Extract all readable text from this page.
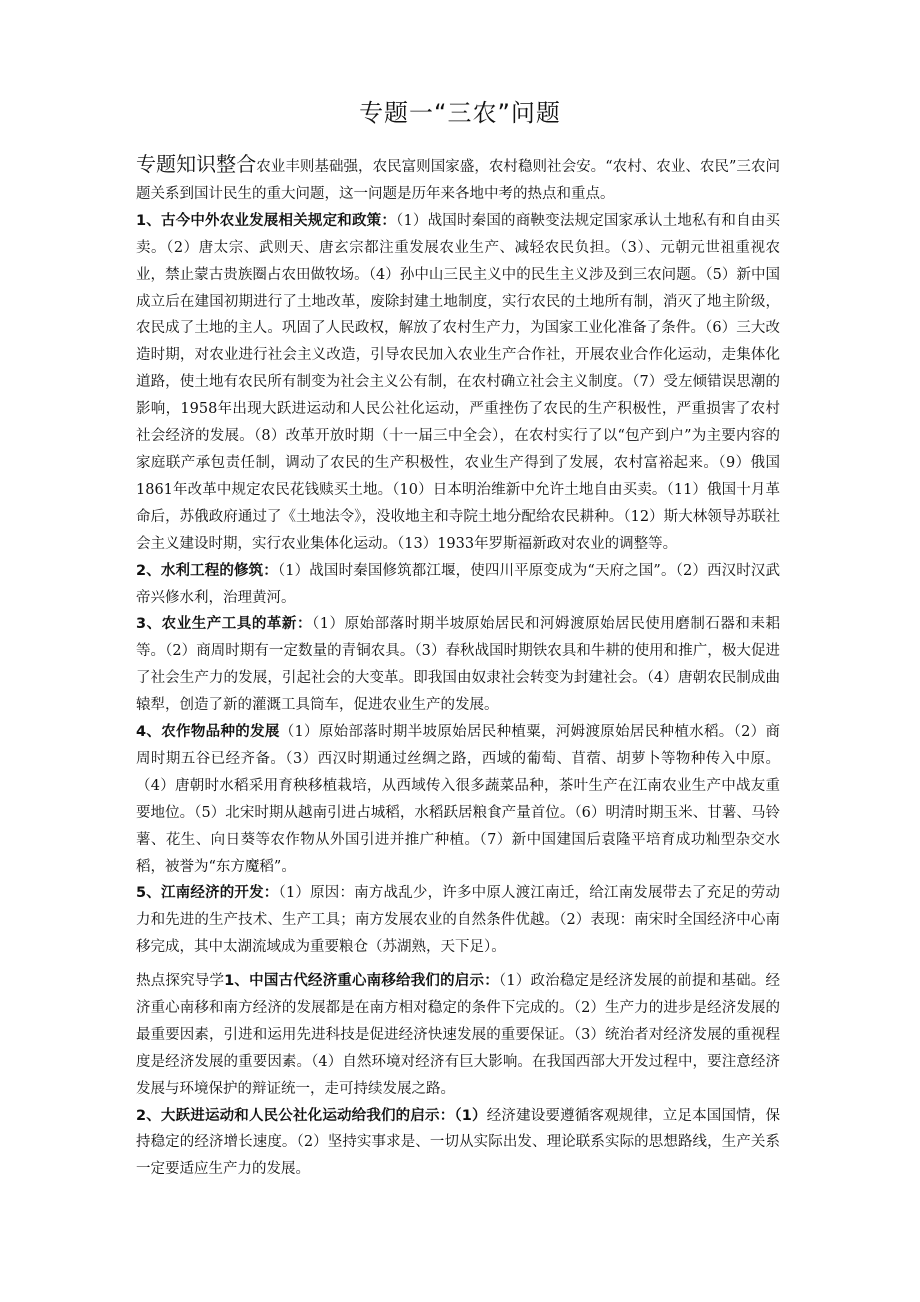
专题一“三农”问题

专题知识整合农业丰则基础强，农民富则国家盛，农村稳则社会安。“农村、农业、农民”三农问题关系到国计民生的重大问题，这一问题是历年来各地中考的热点和重点。

1、古今中外农业发展相关规定和政策：（1）战国时秦国的商鞅变法规定国家承认土地私有和自由买卖。（2）唐太宗、武则天、唐玄宗都注重发展农业生产、减轻农民负担。（3）、元朝元世祖重视农业，禁止蒙古贵族圈占农田做牧场。（4）孙中山三民主义中的民生主义涉及到三农问题。（5）新中国成立后在建国初期进行了土地改革，废除封建土地制度，实行农民的土地所有制，消灭了地主阶级，农民成了土地的主人。巩固了人民政权，解放了农村生产力，为国家工业化准备了条件。（6）三大改造时期，对农业进行社会主义改造，引导农民加入农业生产合作社，开展农业合作化运动，走集体化道路，使土地有农民所有制变为社会主义公有制，在农村确立社会主义制度。（7）受左倾错误思潮的影响，1958年出现大跃进运动和人民公社化运动，严重挫伤了农民的生产积极性，严重损害了农村社会经济的发展。（8）改革开放时期（十一届三中全会），在农村实行了以“包产到户”为主要内容的家庭联产承包责任制，调动了农民的生产积极性，农业生产得到了发展，农村富裕起来。（9）俄国1861年改革中规定农民花钱赎买土地。（10）日本明治维新中允许土地自由买卖。（11）俄国十月革命后，苏俄政府通过了《土地法令》，没收地主和寺院土地分配给农民耕种。（12）斯大林领导苏联社会主义建设时期，实行农业集体化运动。（13）1933年罗斯福新政对农业的调整等。

2、水利工程的修筑：（1）战国时秦国修筑都江堰，使四川平原变成为“天府之国”。（2）西汉时汉武帝兴修水利，治理黄河。

3、农业生产工具的革新：（1）原始部落时期半坡原始居民和河姆渡原始居民使用磨制石器和耒耜等。（2）商周时期有一定数量的青铜农具。（3）春秋战国时期铁农具和牛耕的使用和推广，极大促进了社会生产力的发展，引起社会的大变革。即我国由奴隶社会转变为封建社会。（4）唐朝农民制成曲辕犁，创造了新的灌溉工具筒车，促进农业生产的发展。

4、农作物品种的发展（1）原始部落时期半坡原始居民种植粟，河姆渡原始居民种植水稻。（2）商周时期五谷已经齐备。（3）西汉时期通过丝绸之路，西域的葡萄、苜蓿、胡萝卜等物种传入中原。（4）唐朝时水稻采用育秧移植栽培，从西域传入很多蔬菜品种，茶叶生产在江南农业生产中战友重要地位。（5）北宋时期从越南引进占城稻，水稻跃居粮食产量首位。（6）明清时期玉米、甘薯、马铃薯、花生、向日葵等农作物从外国引进并推广种植。（7）新中国建国后袁隆平培育成功籼型杂交水稻，被誉为“东方魔稻”。

5、江南经济的开发：（1）原因：南方战乱少，许多中原人渡江南迁，给江南发展带去了充足的劳动力和先进的生产技术、生产工具；南方发展农业的自然条件优越。（2）表现：南宋时全国经济中心南移完成，其中太湖流域成为重要粮仓（苏湖熟，天下足）。

热点探究导学1、中国古代经济重心南移给我们的启示：（1）政治稳定是经济发展的前提和基础。经济重心南移和南方经济的发展都是在南方相对稳定的条件下完成的。（2）生产力的进步是经济发展的最重要因素，引进和运用先进科技是促进经济快速发展的重要保证。（3）统治者对经济发展的重视程度是经济发展的重要因素。（4）自然环境对经济有巨大影响。在我国西部大开发过程中，要注意经济发展与环境保护的辩证统一，走可持续发展之路。

2、大跃进运动和人民公社化运动给我们的启示：（1）经济建设要遵循客观规律，立足本国国情，保持稳定的经济增长速度。（2）坚持实事求是、一切从实际出发、理论联系实际的思想路线，生产关系一定要适应生产力的发展。
